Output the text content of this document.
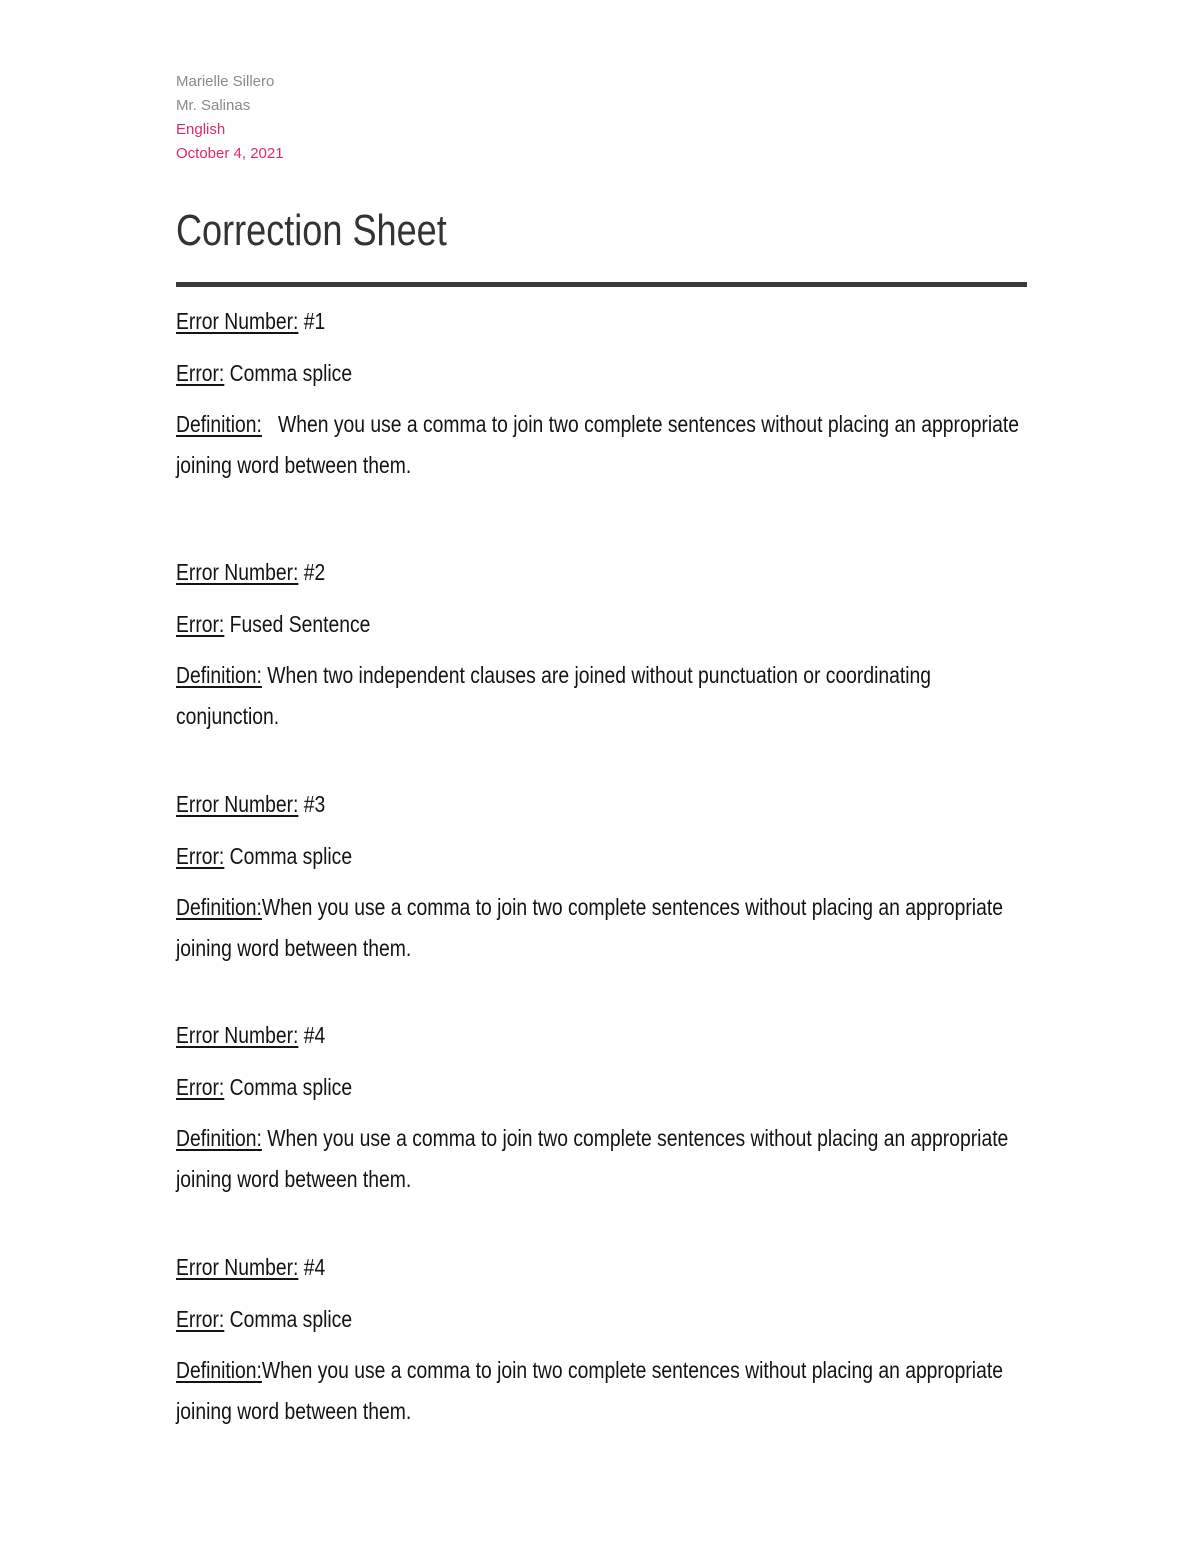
Marielle Sillero
Mr. Salinas
English
October 4, 2021
Correction Sheet
Error Number: #1
Error: Comma splice
Definition:   When you use a comma to join two complete sentences without placing an appropriate joining word between them.
Error Number: #2
Error: Fused Sentence
Definition: When two independent clauses are joined without punctuation or coordinating conjunction.
Error Number: #3
Error: Comma splice
Definition:When you use a comma to join two complete sentences without placing an appropriate joining word between them.
Error Number: #4
Error: Comma splice
Definition: When you use a comma to join two complete sentences without placing an appropriate joining word between them.
Error Number: #4
Error: Comma splice
Definition:When you use a comma to join two complete sentences without placing an appropriate joining word between them.
